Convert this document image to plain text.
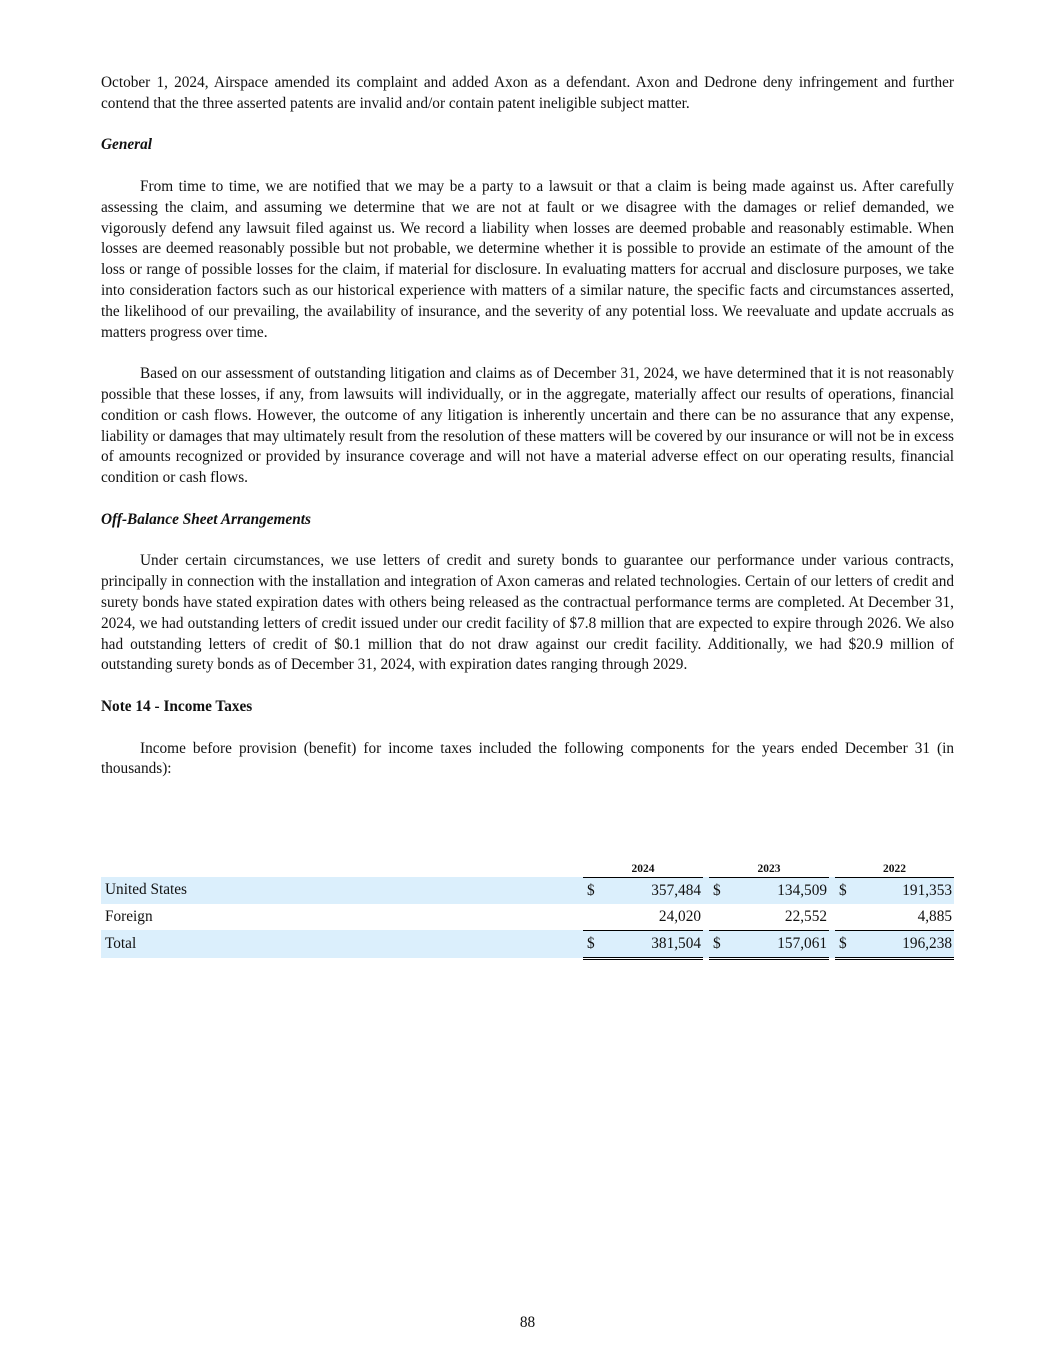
October 1, 2024, Airspace amended its complaint and added Axon as a defendant. Axon and Dedrone deny infringement and further contend that the three asserted patents are invalid and/or contain patent ineligible subject matter.

General

From time to time, we are notified that we may be a party to a lawsuit or that a claim is being made against us. After carefully assessing the claim, and assuming we determine that we are not at fault or we disagree with the damages or relief demanded, we vigorously defend any lawsuit filed against us. We record a liability when losses are deemed probable and reasonably estimable. When losses are deemed reasonably possible but not probable, we determine whether it is possible to provide an estimate of the amount of the loss or range of possible losses for the claim, if material for disclosure. In evaluating matters for accrual and disclosure purposes, we take into consideration factors such as our historical experience with matters of a similar nature, the specific facts and circumstances asserted, the likelihood of our prevailing, the availability of insurance, and the severity of any potential loss. We reevaluate and update accruals as matters progress over time.

Based on our assessment of outstanding litigation and claims as of December 31, 2024, we have determined that it is not reasonably possible that these losses, if any, from lawsuits will individually, or in the aggregate, materially affect our results of operations, financial condition or cash flows. However, the outcome of any litigation is inherently uncertain and there can be no assurance that any expense, liability or damages that may ultimately result from the resolution of these matters will be covered by our insurance or will not be in excess of amounts recognized or provided by insurance coverage and will not have a material adverse effect on our operating results, financial condition or cash flows.

Off-Balance Sheet Arrangements

Under certain circumstances, we use letters of credit and surety bonds to guarantee our performance under various contracts, principally in connection with the installation and integration of Axon cameras and related technologies. Certain of our letters of credit and surety bonds have stated expiration dates with others being released as the contractual performance terms are completed. At December 31, 2024, we had outstanding letters of credit issued under our credit facility of $7.8 million that are expected to expire through 2026. We also had outstanding letters of credit of $0.1 million that do not draw against our credit facility. Additionally, we had $20.9 million of outstanding surety bonds as of December 31, 2024, with expiration dates ranging through 2029.

Note 14 - Income Taxes

Income before provision (benefit) for income taxes included the following components for the years ended December 31 (in thousands):

	2024			2023			2022	
United States	$	357,484		$	134,509		$	191,353
Foreign		24,020			22,552			4,885
Total	$	381,504		$	157,061		$	196,238
88
